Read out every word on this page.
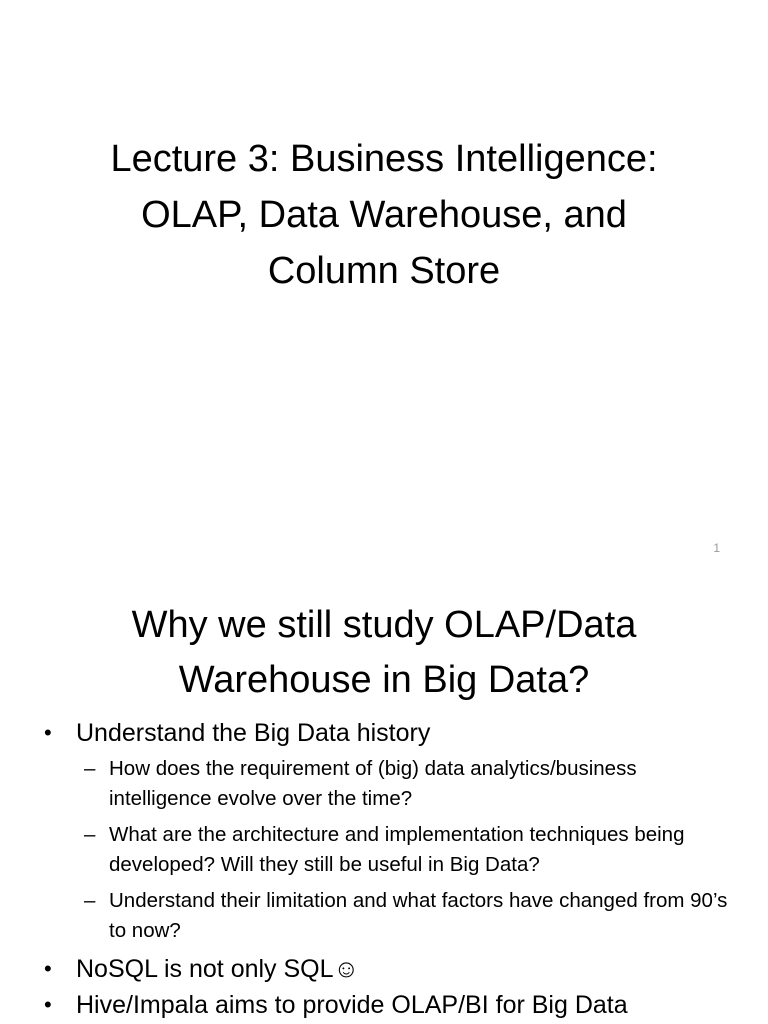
Lecture 3: Business Intelligence:
OLAP, Data Warehouse, and
Column Store
1
Why we still study OLAP/Data
Warehouse in Big Data?
• Understand the Big Data history
– How does the requirement of (big) data analytics/business intelligence evolve over the time?
– What are the architecture and implementation techniques being developed? Will they still be useful in Big Data?
– Understand their limitation and what factors have changed from 90’s to now?
• NoSQL is not only SQL☺
• Hive/Impala aims to provide OLAP/BI for Big Data
